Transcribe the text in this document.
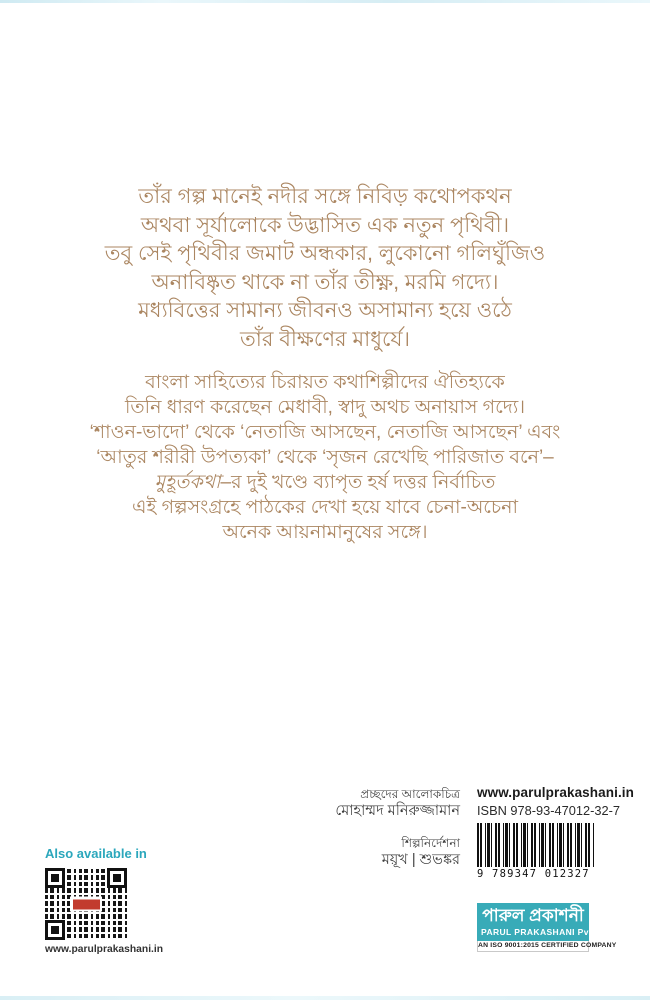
তাঁর গল্প মানেই নদীর সঙ্গে নিবিড় কথোপকথন
অথবা সূর্যালোকে উদ্ভাসিত এক নতুন পৃথিবী।
তবু সেই পৃথিবীর জমাট অন্ধকার, লুকোনো গলিঘুঁজিও
অনাবিষ্কৃত থাকে না তাঁর তীক্ষ্ণ, মরমি গদ্যে।
মধ্যবিত্তের সামান্য জীবনও অসামান্য হয়ে ওঠে
তাঁর বীক্ষণের মাধুর্যে।
বাংলা সাহিত্যের চিরায়ত কথাশিল্পীদের ঐতিহ্যকে
তিনি ধারণ করেছেন মেধাবী, স্বাদু অথচ অনায়াস গদ্যে।
‘শাওন-ভাদো’ থেকে ‘নেতাজি আসছেন, নেতাজি আসছেন’ এবং
‘আতুর শরীরী উপত্যকা’ থেকে ‘সৃজন রেখেছি পারিজাত বনে’–
মুহূর্তকথা–র দুই খণ্ডে ব্যাপৃত হর্ষ দত্তর নির্বাচিত
এই গল্পসংগ্রহে পাঠকের দেখা হয়ে যাবে চেনা-অচেনা
অনেক আয়নামানুষের সঙ্গে।
প্রচ্ছদের আলোকচিত্র
মোহাম্মদ মনিরুজ্জামান
শিল্পনির্দেশনা
ময়ূখ | শুভঙ্কর
www.parulprakashani.in
ISBN 978-93-47012-32-7
9 789347 012327
Also available in
www.parulprakashani.in
পারুল প্রকাশনী
PARUL PRAKASHANI Pvt Ltd
AN ISO 9001:2015 CERTIFIED COMPANY
